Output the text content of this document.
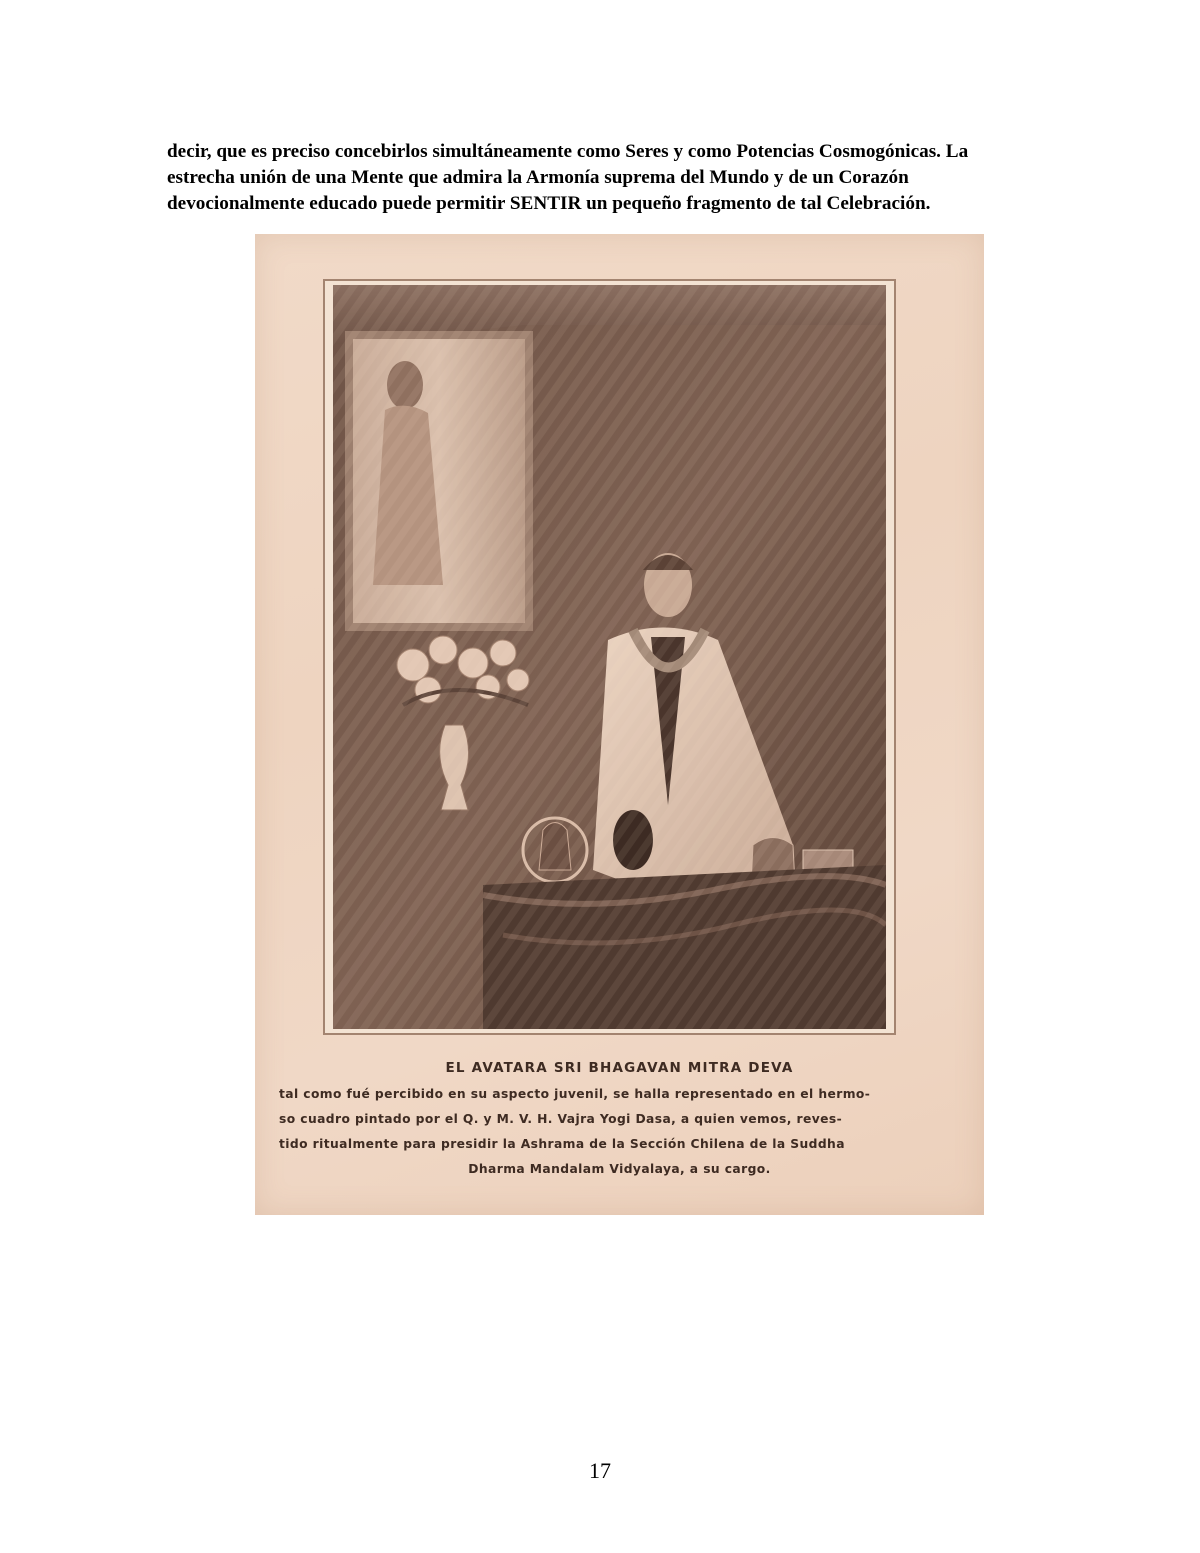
decir, que es preciso concebirlos simultáneamente como Seres y como Potencias Cosmogónicas. La
estrecha unión de una Mente que admira la Armonía suprema del Mundo y de un Corazón
devocionalmente educado puede permitir SENTIR un pequeño fragmento de tal Celebración.

EL AVATARA SRI BHAGAVAN MITRA DEVA
tal como fué percibido en su aspecto juvenil, se halla representado en el hermo-
so cuadro pintado por el Q. y M. V. H. Vajra Yogi Dasa, a quien vemos, reves-
tido ritualmente para presidir la Ashrama de la Sección Chilena de la Suddha
Dharma Mandalam Vidyalaya, a su cargo.
17
